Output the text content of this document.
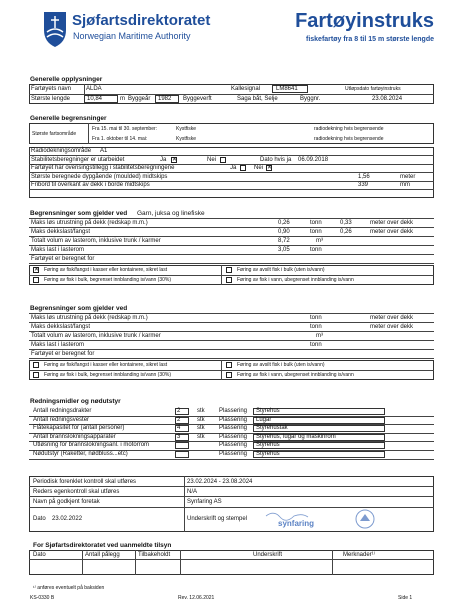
Sjøfartsdirektoratet
Norwegian Maritime Authority
Fartøyinstruks
fiskefartøy fra 8 til 15 m største lengde
Generelle opplysninger
Fartøyets navn ALDA	Kallesignal	LM8641	Utløpsdato fartøyinstruks
Største lengde	10,84	m Byggeår 1982 Byggeverft	Saga båt, Selje	Byggnr.	23.08.2024
Generelle begrensninger
Største fartsområde
Fra 15. mai til 30. september:	Kystfiske	radiodekning hvis begrensende
Fra 1. oktober til 14. mai:	Kystfiske	radiodekning hvis begrensende
Radiodekningsområde A1
Stabilitetsberegninger er utarbeidet	Ja ✕	Nei	Dato hvis ja 06.09.2018
Fartøyet har overisingstillegg i stabilitetsberegningene	Ja	Nei ✕
Største beregnede dypgående (moulded) midtskips	1,56	meter
Fribord til overkant av dekk i borde midtskips	339	mm
Begrensninger som gjelder ved Garn, juksa og linefiske
Maks løs utrustning på dekk (redskap m.m.)	0,26	tonn	0,33	meter over dekk
Maks dekkslast/fangst	0,90	tonn	0,26	meter over dekk
Totalt volum av lasterom, inklusive trunk / karmer	8,72	m³
Maks last i lasterom	3,05	tonn
Fartøyet er beregnet for
✕ Føring av fisk/fangst i kasser eller kontainere, sikret last	Føring av avsilt fisk i bulk (uten is/vann)
Føring av fisk i bulk, begrenset innblanding is/vann (30%)	Føring av fisk i vann, ubegrenset innblanding is/vann
Begrensninger som gjelder ved
Maks løs utrustning på dekk (redskap m.m.)	tonn	meter over dekk
Maks dekkslast/fangst	tonn	meter over dekk
Totalt volum av lasterom, inklusive trunk / karmer	m³
Maks last i lasterom	tonn
Fartøyet er beregnet for
Føring av fisk/fangst i kasser eller kontainere, sikret last	Føring av avsilt fisk i bulk (uten is/vann)
Føring av fisk i bulk, begrenset innblanding is/vann (30%)	Føring av fisk i vann, ubegrenset innblanding is/vann
Redningsmidler og nødutstyr
Antall redningsdrakter	2	stk Plassering Styrehus
Antall redningsvester	2	stk Plassering Lugar
Flåtekapasitet for (antall personer)	4	stk Plassering Styrehustak
Antall brannslokningsapparater	3	stk Plassering Styrehus, lugar og maskinrom
Utløsning for brannslokningsanl. i motorrom	Plassering Styrehus
Nødutstyr (Raketter, nødbluss...etc)	Plassering Styrehus
Periodisk forenklet kontroll skal utføres	23.02.2024 - 23.08.2024
Reders egenkontroll skal utføres	N/A
Navn på godkjent foretak	Synfaring AS
Dato 23.02.2022	Underskrift og stempel	synfaring
For Sjøfartsdirektoratet ved uanmeldte tilsyn
Dato	Antall pålegg	Tilbakeholdt	Underskrift	Merknader¹⁾
¹⁾ anføres eventuelt på baksiden
KS-0330 B	Rev. 12.06.2021	Side 1
